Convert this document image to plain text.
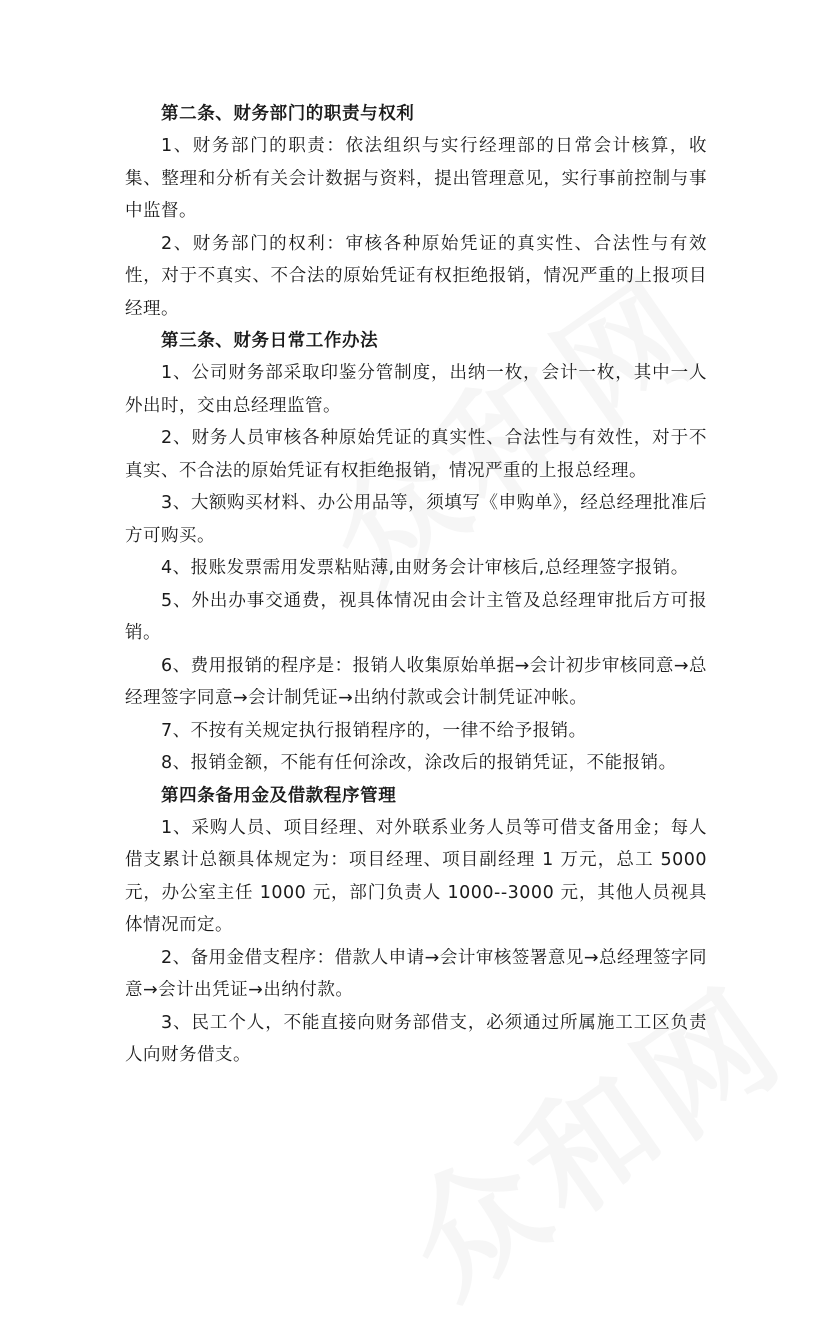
第二条、财务部门的职责与权利

1、财务部门的职责：依法组织与实行经理部的日常会计核算，收集、整理和分析有关会计数据与资料，提出管理意见，实行事前控制与事中监督。

2、财务部门的权利：审核各种原始凭证的真实性、合法性与有效性，对于不真实、不合法的原始凭证有权拒绝报销，情况严重的上报项目经理。

第三条、财务日常工作办法

1、公司财务部采取印鉴分管制度，出纳一枚，会计一枚，其中一人外出时，交由总经理监管。

2、财务人员审核各种原始凭证的真实性、合法性与有效性，对于不真实、不合法的原始凭证有权拒绝报销，情况严重的上报总经理。

3、大额购买材料、办公用品等，须填写《申购单》，经总经理批准后方可购买。

4、报账发票需用发票粘贴薄,由财务会计审核后,总经理签字报销。

5、外出办事交通费，视具体情况由会计主管及总经理审批后方可报销。

6、费用报销的程序是：报销人收集原始单据→会计初步审核同意→总经理签字同意→会计制凭证→出纳付款或会计制凭证冲帐。

7、不按有关规定执行报销程序的，一律不给予报销。

8、报销金额，不能有任何涂改，涂改后的报销凭证，不能报销。

第四条备用金及借款程序管理

1、采购人员、项目经理、对外联系业务人员等可借支备用金；每人借支累计总额具体规定为：项目经理、项目副经理 1 万元，总工 5000 元，办公室主任 1000 元，部门负责人 1000--3000 元，其他人员视具体情况而定。

2、备用金借支程序：借款人申请→会计审核签署意见→总经理签字同意→会计出凭证→出纳付款。

3、民工个人，不能直接向财务部借支，必须通过所属施工工区负责人向财务借支。
